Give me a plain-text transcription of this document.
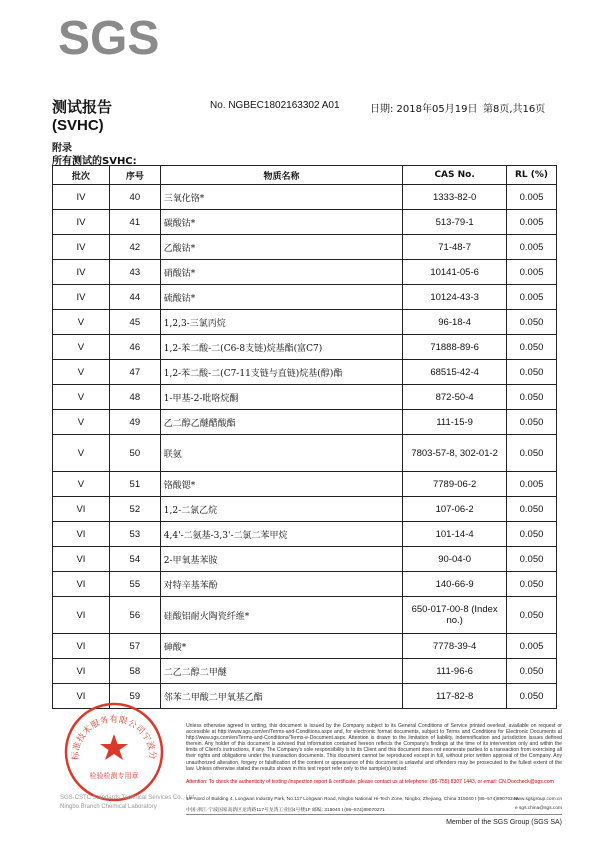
SGS
测试报告
(SVHC)
No. NGBEC1802163302 A01	日期: 2018年05月19日 第8页,共16页
附录
所有测试的SVHC:
批次	序号	物质名称	CAS No.	RL (%)
IV	40	三氧化铬*	1333-82-0	0.005
IV	41	碳酸钴*	513-79-1	0.005
IV	42	乙酸钴*	71-48-7	0.005
IV	43	硝酸钴*	10141-05-6	0.005
IV	44	硫酸钴*	10124-43-3	0.005
V	45	1,2,3-三氯丙烷	96-18-4	0.050
V	46	1,2-苯二酸-二(C6-8支链)烷基酯(富C7)	71888-89-6	0.050
V	47	1,2-苯二酸-二(C7-11支链与直链)烷基(醇)酯	68515-42-4	0.050
V	48	1-甲基-2-吡咯烷酮	872-50-4	0.050
V	49	乙二醇乙醚醋酸酯	111-15-9	0.050
V	50	联氨	7803-57-8, 302-01-2	0.050
V	51	铬酸锶*	7789-06-2	0.005
VI	52	1,2-二氯乙烷	107-06-2	0.050
VI	53	4,4'-二氨基-3,3'-二氯二苯甲烷	101-14-4	0.050
VI	54	2-甲氧基苯胺	90-04-0	0.050
VI	55	对特辛基苯酚	140-66-9	0.050
VI	56	硅酸铝耐火陶瓷纤维*	650-017-00-8 (Index no.)	0.050
VI	57	砷酸*	7778-39-4	0.005
VI	58	二乙二醇二甲醚	111-96-6	0.050
VI	59	邻苯二甲酸二甲氧基乙酯	117-82-8	0.050
标准技术服务有限公司宁波分
检验检测专用章
SGS-CSTC Standards Technical Services Co., Ltd.
Ningbo Branch Chemical Laboratory
Unless otherwise agreed in writing, this document is issued by the Company subject to its General Conditions of Service printed overleaf, available on request or accessible at http://www.sgs.com/en/Terms-and-Conditions.aspx and, for electronic format documents, subject to Terms and Conditions for Electronic Documents at http://www.sgs.com/en/Terms-and-Conditions/Terms-e-Document.aspx. Attention is drawn to the limitation of liability, indemnification and jurisdiction issues defined therein. Any holder of this document is advised that information contained hereon reflects the Company's findings at the time of its intervention only and within the limits of Client's instructions, if any. The Company's sole responsibility is to its Client and this document does not exonerate parties to a transaction from exercising all their rights and obligations under the transaction documents. This document cannot be reproduced except in full, without prior written approval of the Company. Any unauthorized alteration, forgery or falsification of the content or appearance of this document is unlawful and offenders may be prosecuted to the fullest extent of the law. Unless otherwise stated the results shown in this test report refer only to the sample(s) tested.
Attention: To check the authenticity of testing /inspection report & certificate, please contact us at telephone: (86-755) 8307 1443, or email: CN.Doccheck@sgs.com
1/F Nord of Building 4, Longwan Industry Park, No.117 Longwan Road, Ningbo National Hi-Tech Zone, Ningbo, Zhejiang, China 315040 t (86–574)89070249
中国·浙江·宁波国家高新区龙湾路117号龙湾工业园4号楼1F 邮编: 315040 t (86–574)89070271
www.sgsgroup.com.cn
e sgs.china@sgs.com
Member of the SGS Group (SGS SA)
